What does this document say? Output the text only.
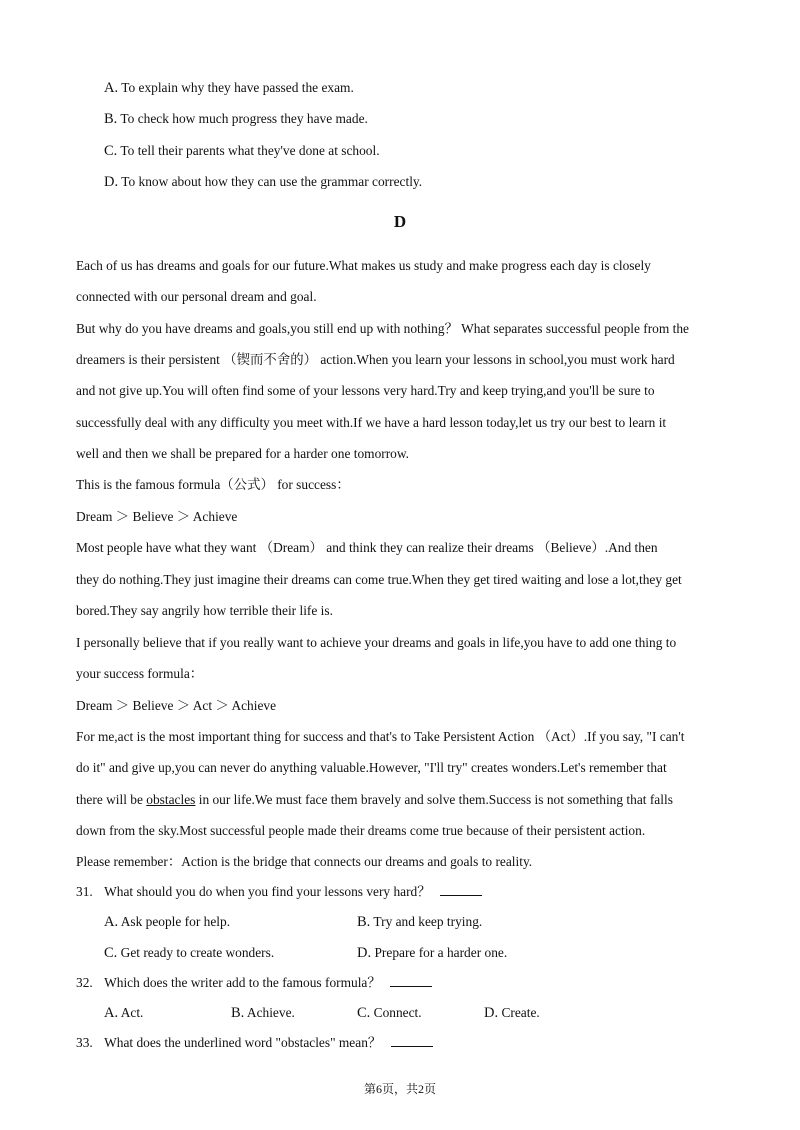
A. To explain why they have passed the exam.
B. To check how much progress they have made.
C. To tell their parents what they've done at school.
D. To know about how they can use the grammar correctly.
D
Each of us has dreams and goals for our future.What makes us study and make progress each day is closely
connected with our personal dream and goal.
But why do you have dreams and goals,you still end up with nothing？ What separates successful people from the
dreamers is their persistent （锲而不舍的） action.When you learn your lessons in school,you must work hard
and not give up.You will often find some of your lessons very hard.Try and keep trying,and you'll be sure to
successfully deal with any difficulty you meet with.If we have a hard lesson today,let us try our best to learn it
well and then we shall be prepared for a harder one tomorrow.
This is the famous formula（公式） for success：
Dream ＞ Believe ＞ Achieve
Most people have what they want （Dream） and think they can realize their dreams （Believe）.And then
they do nothing.They just imagine their dreams can come true.When they get tired waiting and lose a lot,they get
bored.They say angrily how terrible their life is.
I personally believe that if you really want to achieve your dreams and goals in life,you have to add one thing to
your success formula：
Dream ＞ Believe ＞ Act ＞ Achieve
For me,act is the most important thing for success and that's to Take Persistent Action （Act）.If you say, "I can't
do it" and give up,you can never do anything valuable.However, "I'll try" creates wonders.Let's remember that
there will be obstacles in our life.We must face them bravely and solve them.Success is not something that falls
down from the sky.Most successful people made their dreams come true because of their persistent action.
Please remember：Action is the bridge that connects our dreams and goals to reality.
31. What should you do when you find your lessons very hard？
A. Ask people for help.	B. Try and keep trying.
C. Get ready to create wonders.	D. Prepare for a harder one.
32. Which does the writer add to the famous formula？
A. Act.	B. Achieve.	C. Connect.	D. Create.
33. What does the underlined word "obstacles" mean？
第6页，共2页
